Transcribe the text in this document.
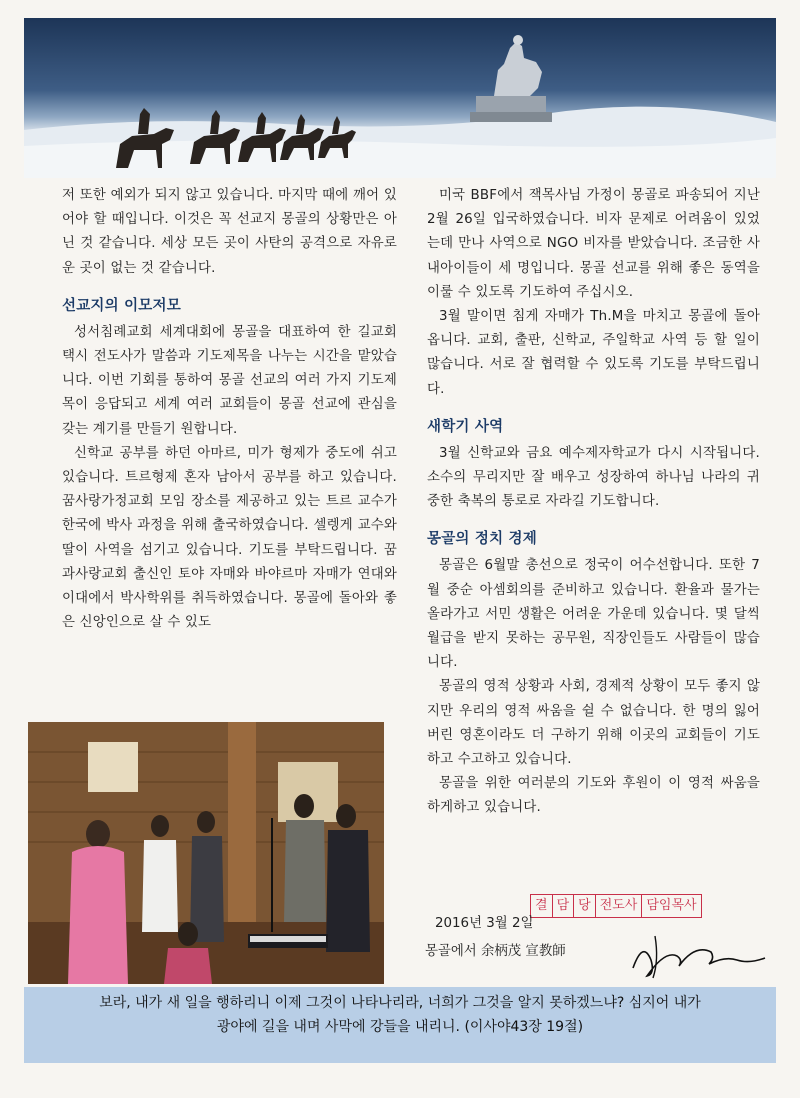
저 또한 예외가 되지 않고 있습니다. 마지막 때에 깨어 있어야 할 때입니다. 이것은 꼭 선교지 몽골의 상황만은 아닌 것 같습니다. 세상 모든 곳이 사탄의 공격으로 자유로운 곳이 없는 것 같습니다.

선교지의 이모저모

성서침례교회 세계대회에 몽골을 대표하여 한 길교회 택시 전도사가 말씀과 기도제목을 나누는 시간을 맡았습니다. 이번 기회를 통하여 몽골 선교의 여러 가지 기도제목이 응답되고 세계 여러 교회들이 몽골 선교에 관심을 갖는 계기를 만들기 원합니다.

신학교 공부를 하던 아마르, 미가 형제가 중도에 쉬고 있습니다. 트르형제 혼자 남아서 공부를 하고 있습니다. 꿈사랑가정교회 모임 장소를 제공하고 있는 트르 교수가 한국에 박사 과정을 위해 출국하였습니다. 셀렝게 교수와 딸이 사역을 섬기고 있습니다. 기도를 부탁드립니다. 꿈과사랑교회 출신인 토야 자매와 바야르마 자매가 연대와 이대에서 박사학위를 취득하였습니다. 몽골에 돌아와 좋은 신앙인으로 살 수 있도

미국 BBF에서 잭목사님 가정이 몽골로 파송되어 지난 2월 26일 입국하였습니다. 비자 문제로 어려움이 있었는데 만나 사역으로 NGO 비자를 받았습니다. 조금한 사내아이들이 세 명입니다. 몽골 선교를 위해 좋은 동역을 이룰 수 있도록 기도하여 주십시오.

3월 말이면 침게 자매가 Th.M을 마치고 몽골에 돌아옵니다. 교회, 출판, 신학교, 주일학교 사역 등 할 일이 많습니다. 서로 잘 협력할 수 있도록 기도를 부탁드립니다.

새학기 사역

3월 신학교와 금요 예수제자학교가 다시 시작됩니다. 소수의 무리지만 잘 배우고 성장하여 하나님 나라의 귀중한 축복의 통로로 자라길 기도합니다.

몽골의 정치 경제

몽골은 6월말 총선으로 정국이 어수선합니다. 또한 7월 중순 아셈회의를 준비하고 있습니다. 환율과 물가는 올라가고 서민 생활은 어려운 가운데 있습니다. 몇 달씩 월급을 받지 못하는 공무원, 직장인들도 사람들이 많습니다.

몽골의 영적 상황과 사회, 경제적 상황이 모두 좋지 않지만 우리의 영적 싸움을 쉴 수 없습니다. 한 명의 잃어버린 영혼이라도 더 구하기 위해 이곳의 교회들이 기도하고 수고하고 있습니다.

몽골을 위한 여러분의 기도와 후원이 이 영적 싸움을 하게하고 있습니다.

결 담 당 전도사 담임목사
2016년 3월 2일
몽골에서 余柄茂 宣教師
보라, 내가 새 일을 행하리니 이제 그것이 나타나리라, 너희가 그것을 알지 못하겠느냐? 심지어 내가
광야에 길을 내며 사막에 강들을 내리니. (이사야43장 19절)
